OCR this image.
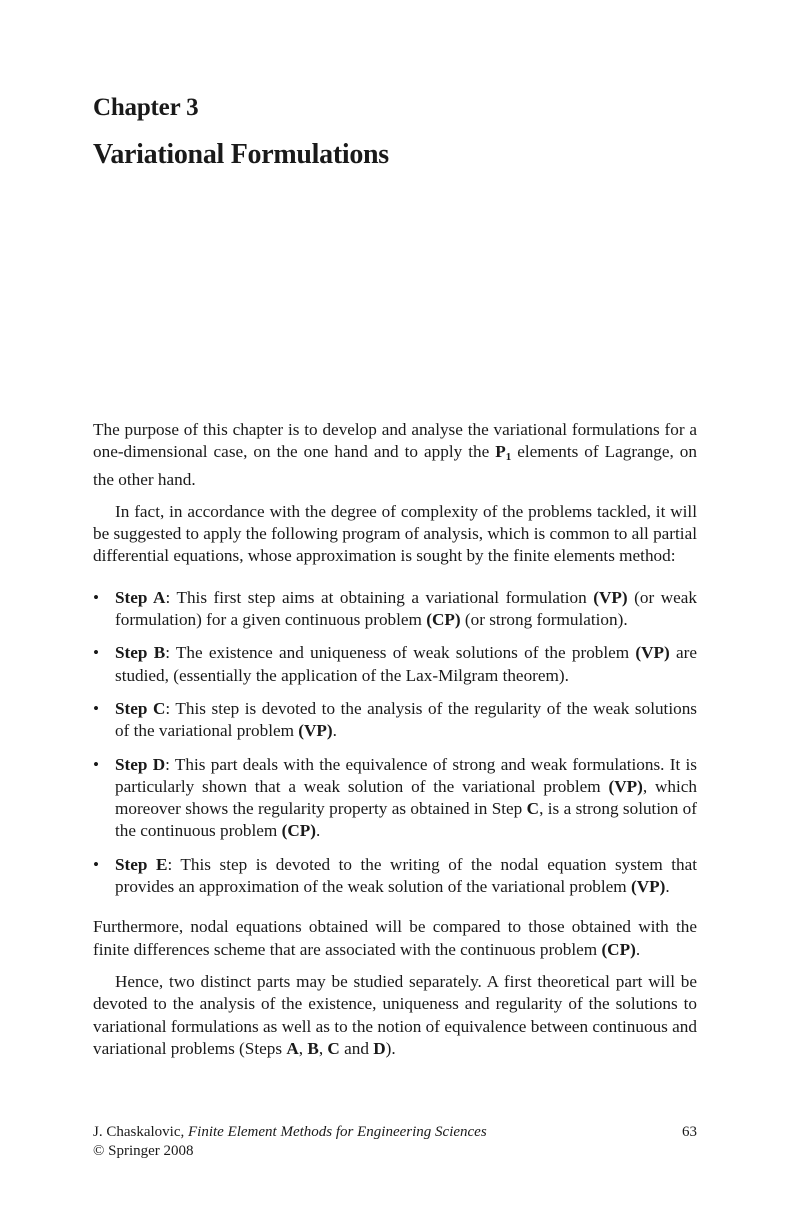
Chapter 3
Variational Formulations

The purpose of this chapter is to develop and analyse the variational formulations for a one-dimensional case, on the one hand and to apply the P1 elements of Lagrange, on the other hand.

In fact, in accordance with the degree of complexity of the problems tackled, it will be suggested to apply the following program of analysis, which is common to all partial differential equations, whose approximation is sought by the finite elements method:

• Step A: This first step aims at obtaining a variational formulation (VP) (or weak formulation) for a given continuous problem (CP) (or strong formulation).
• Step B: The existence and uniqueness of weak solutions of the problem (VP) are studied, (essentially the application of the Lax-Milgram theorem).
• Step C: This step is devoted to the analysis of the regularity of the weak solutions of the variational problem (VP).
• Step D: This part deals with the equivalence of strong and weak formulations. It is particularly shown that a weak solution of the variational problem (VP), which moreover shows the regularity property as obtained in Step C, is a strong solution of the continuous problem (CP).
• Step E: This step is devoted to the writing of the nodal equation system that provides an approximation of the weak solution of the variational problem (VP).

Furthermore, nodal equations obtained will be compared to those obtained with the finite differences scheme that are associated with the continuous problem (CP).

Hence, two distinct parts may be studied separately. A first theoretical part will be devoted to the analysis of the existence, uniqueness and regularity of the solutions to variational formulations as well as to the notion of equivalence between continuous and variational problems (Steps A, B, C and D).

J. Chaskalovic, Finite Element Methods for Engineering Sciences
© Springer 2008
63
